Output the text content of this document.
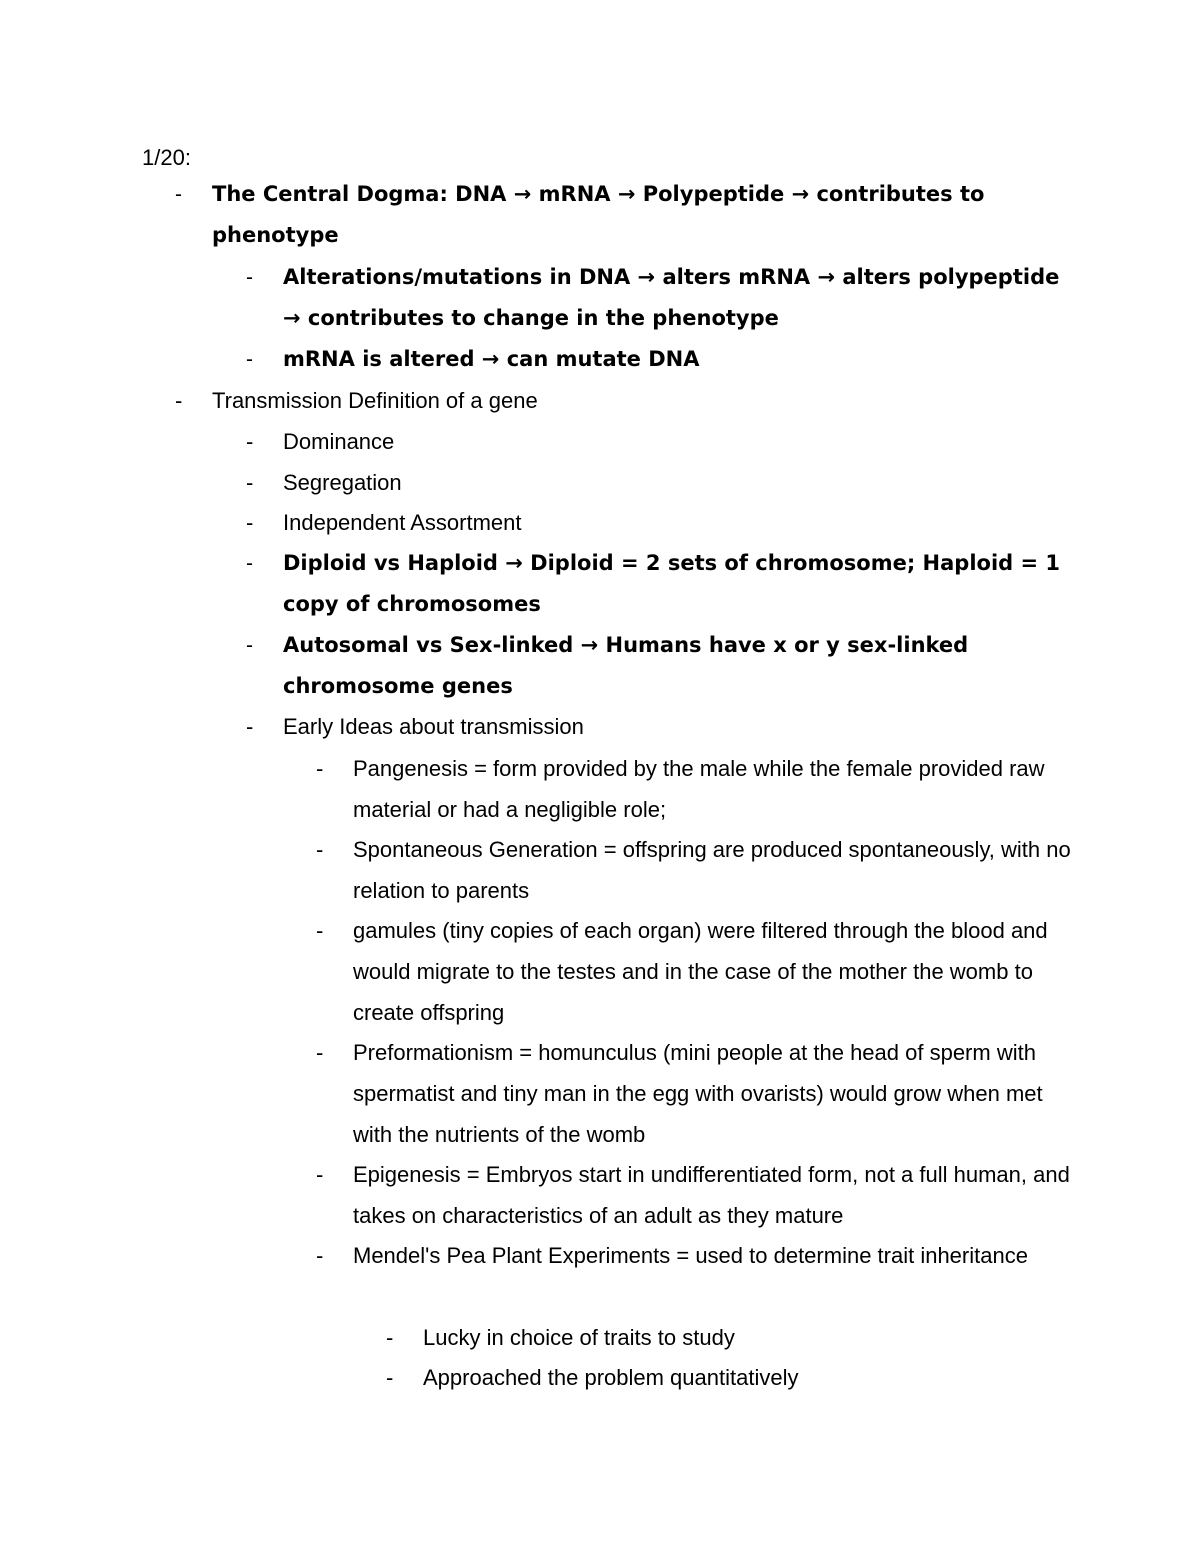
1/20:
- The Central Dogma: DNA → mRNA → Polypeptide → contributes to phenotype
- Alterations/mutations in DNA → alters mRNA → alters polypeptide → contributes to change in the phenotype
- mRNA is altered → can mutate DNA
- Transmission Definition of a gene
- Dominance
- Segregation
- Independent Assortment
- Diploid vs Haploid → Diploid = 2 sets of chromosome; Haploid = 1 copy of chromosomes
- Autosomal vs Sex-linked → Humans have x or y sex-linked chromosome genes
- Early Ideas about transmission
- Pangenesis = form provided by the male while the female provided raw material or had a negligible role;
- Spontaneous Generation = offspring are produced spontaneously, with no relation to parents
- gamules (tiny copies of each organ) were filtered through the blood and would migrate to the testes and in the case of the mother the womb to create offspring
- Preformationism = homunculus (mini people at the head of sperm with spermatist and tiny man in the egg with ovarists) would grow when met with the nutrients of the womb
- Epigenesis = Embryos start in undifferentiated form, not a full human, and takes on characteristics of an adult as they mature
- Mendel's Pea Plant Experiments = used to determine trait inheritance
- Lucky in choice of traits to study
- Approached the problem quantitatively
